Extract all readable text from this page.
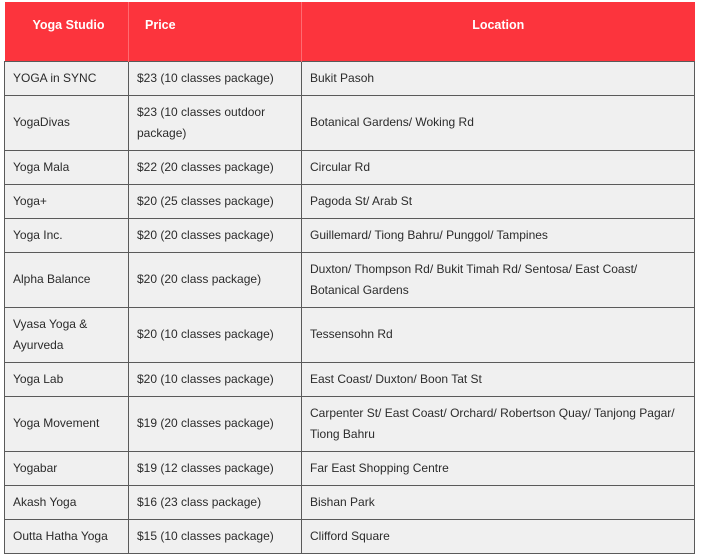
Yoga Studio	Price	Location
YOGA in SYNC	$23 (10 classes package)	Bukit Pasoh
YogaDivas	$23 (10 classes outdoor package)	Botanical Gardens/ Woking Rd
Yoga Mala	$22 (20 classes package)	Circular Rd
Yoga+	$20 (25 classes package)	Pagoda St/ Arab St
Yoga Inc.	$20 (20 classes package)	Guillemard/ Tiong Bahru/ Punggol/ Tampines
Alpha Balance	$20 (20 class package)	Duxton/ Thompson Rd/ Bukit Timah Rd/ Sentosa/ East Coast/ Botanical Gardens
Vyasa Yoga & Ayurveda	$20 (10 classes package)	Tessensohn Rd
Yoga Lab	$20 (10 classes package)	East Coast/ Duxton/ Boon Tat St
Yoga Movement	$19 (20 classes package)	Carpenter St/ East Coast/ Orchard/ Robertson Quay/ Tanjong Pagar/ Tiong Bahru
Yogabar	$19 (12 classes package)	Far East Shopping Centre
Akash Yoga	$16 (23 class package)	Bishan Park
Outta Hatha Yoga	$15 (10 classes package)	Clifford Square
